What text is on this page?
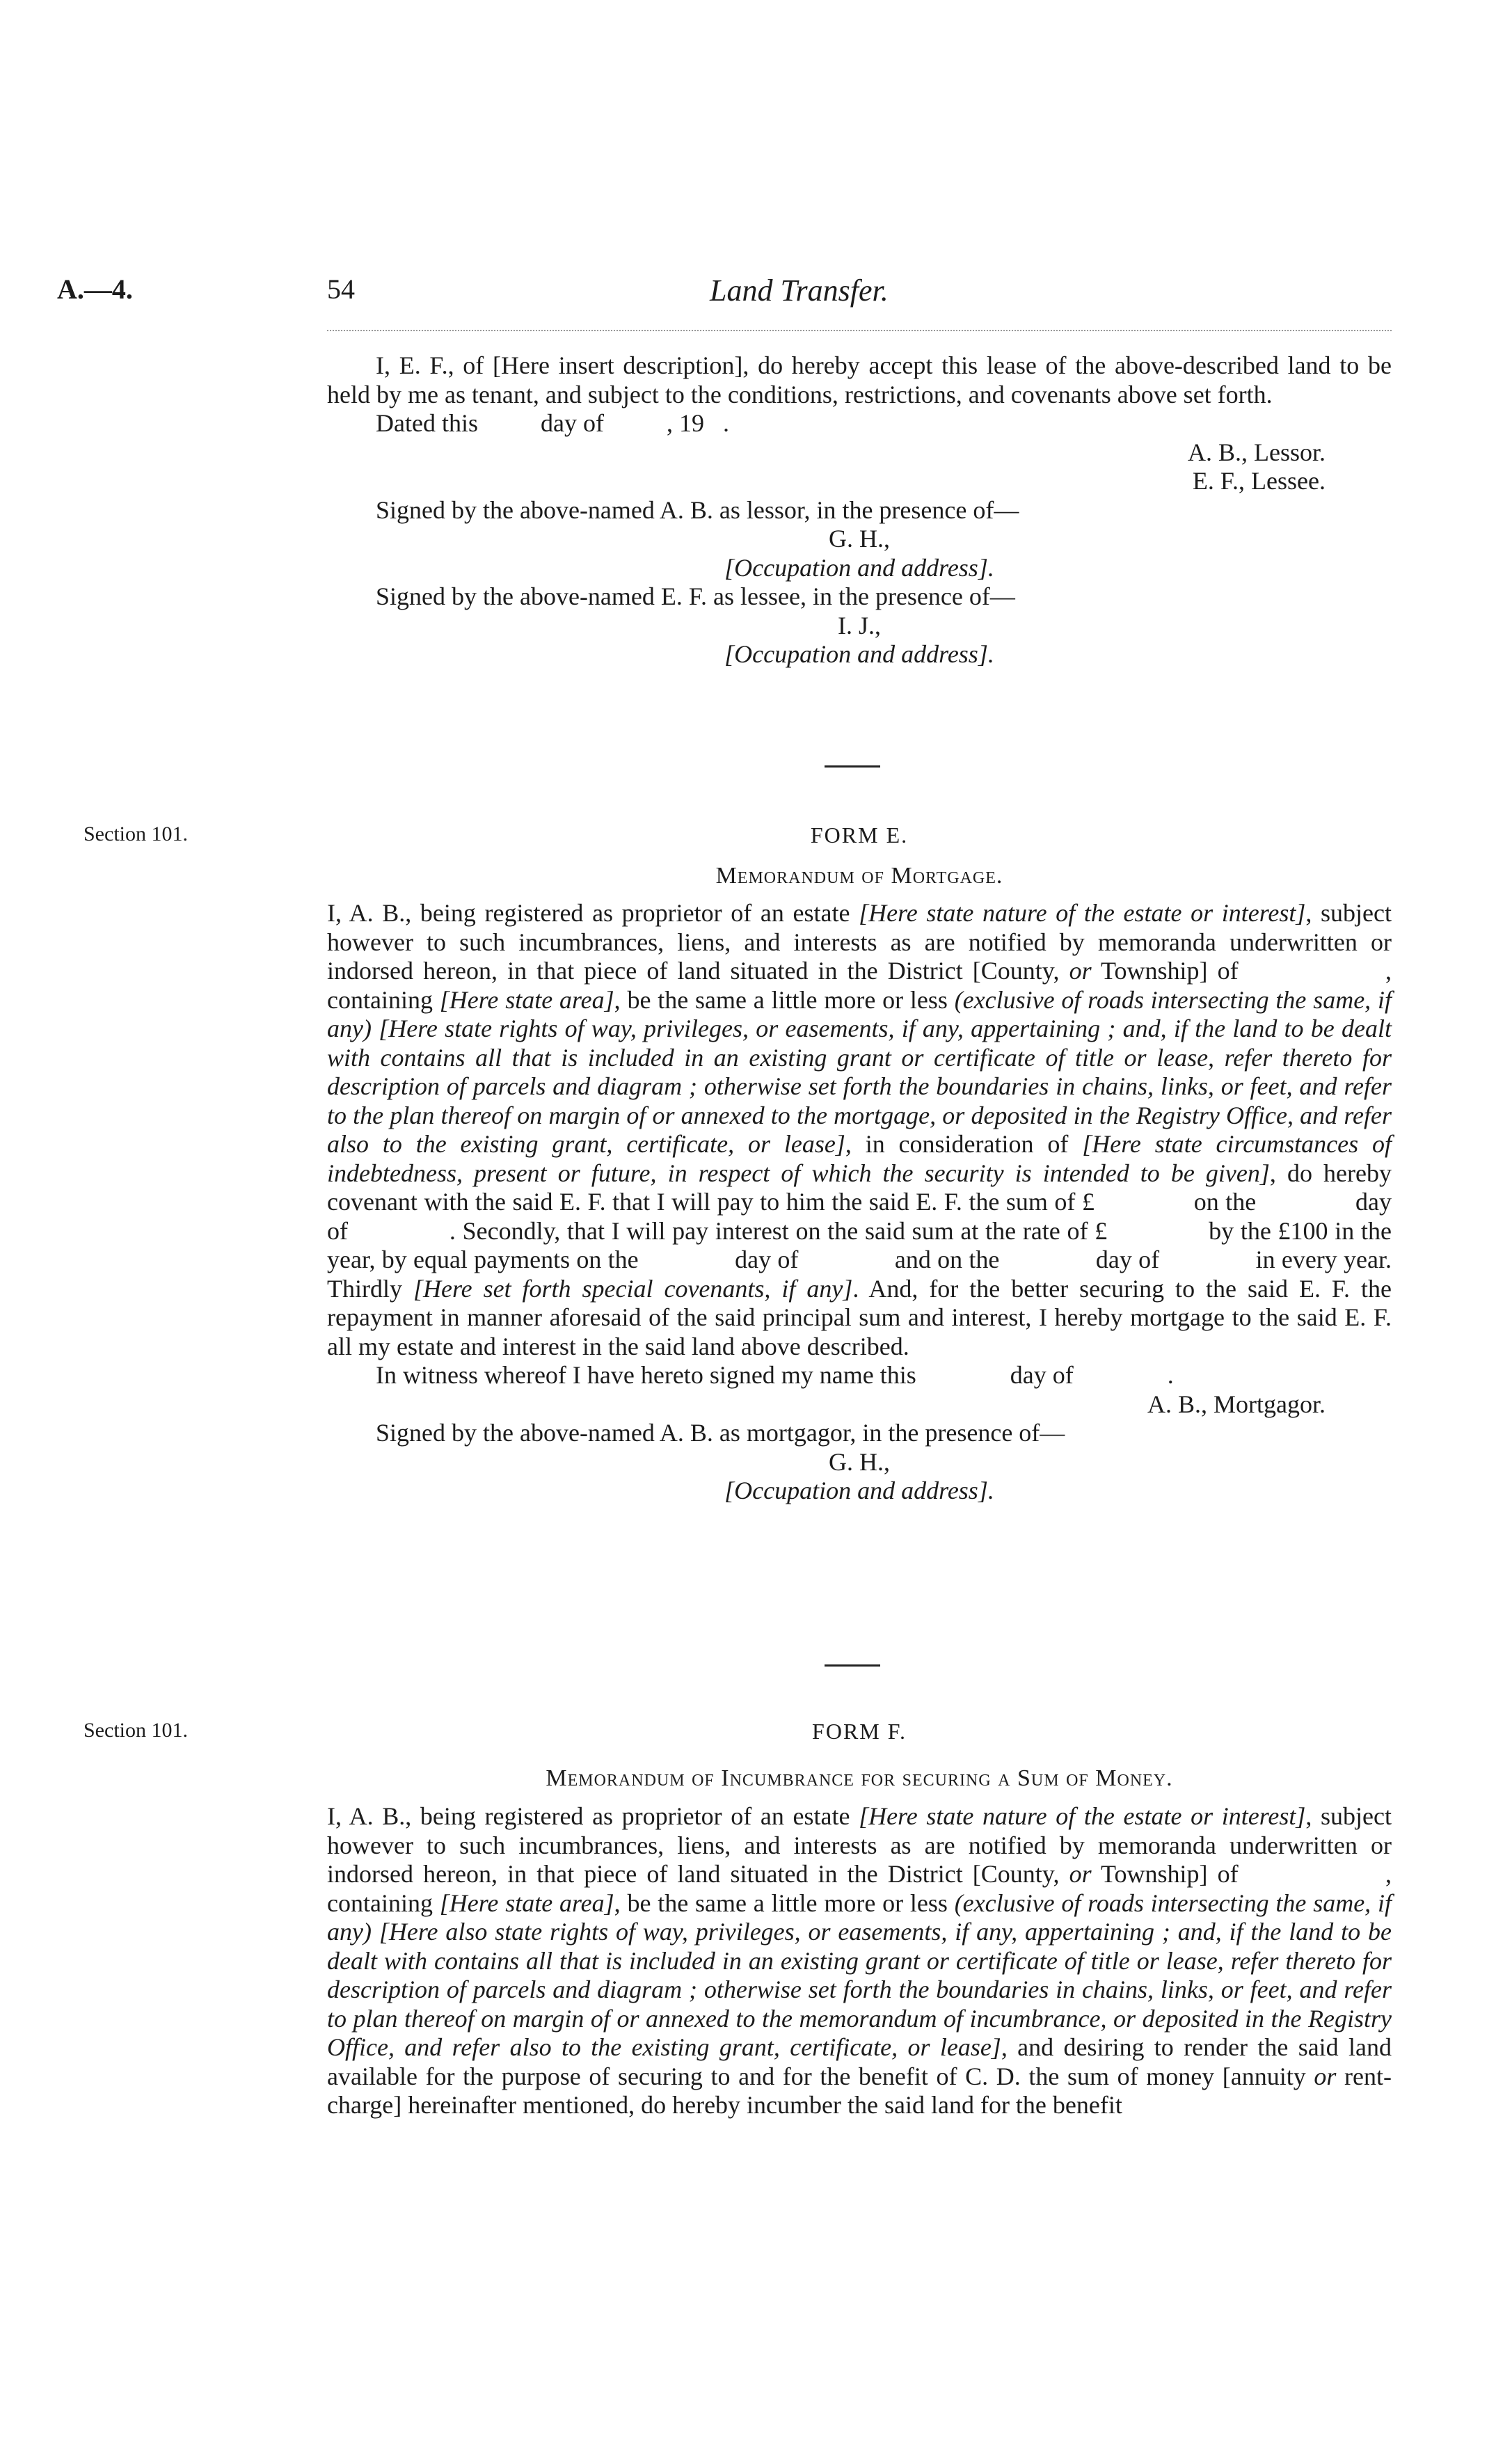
A.—4.	54	Land Transfer.

I, E. F., of [Here insert description], do hereby accept this lease of the above-described land to be held by me as tenant, and subject to the conditions, restrictions, and covenants above set forth.

Dated this          day of          , 19   .

A. B., Lessor.

E. F., Lessee.

Signed by the above-named A. B. as lessor, in the presence of—

G. H.,

[Occupation and address].

Signed by the above-named E. F. as lessee, in the presence of—

I. J.,

[Occupation and address].

Section 101.	FORM E.
Memorandum of Mortgage.

I, A. B., being registered as proprietor of an estate [Here state nature of the estate or interest], subject however to such incumbrances, liens, and interests as are notified by memoranda underwritten or indorsed hereon, in that piece of land situated in the District [County, or Township] of               , containing [Here state area], be the same a little more or less (exclusive of roads intersecting the same, if any) [Here state rights of way, privileges, or easements, if any, appertaining ; and, if the land to be dealt with contains all that is included in an existing grant or certificate of title or lease, refer thereto for description of parcels and diagram ; otherwise set forth the boundaries in chains, links, or feet, and refer to the plan thereof on margin of or annexed to the mortgage, or deposited in the Registry Office, and refer also to the existing grant, certificate, or lease], in consideration of [Here state circumstances of indebtedness, present or future, in respect of which the security is intended to be given], do hereby covenant with the said E. F. that I will pay to him the said E. F. the sum of £               on the               day of               . Secondly, that I will pay interest on the said sum at the rate of £               by the £100 in the year, by equal payments on the               day of               and on the               day of               in every year. Thirdly [Here set forth special covenants, if any]. And, for the better securing to the said E. F. the repayment in manner aforesaid of the said principal sum and interest, I hereby mortgage to the said E. F. all my estate and interest in the said land above described.

In witness whereof I have hereto signed my name this               day of               .

A. B., Mortgagor.

Signed by the above-named A. B. as mortgagor, in the presence of—

G. H.,

[Occupation and address].

Section 101.	FORM F.
Memorandum of Incumbrance for securing a Sum of Money.

I, A. B., being registered as proprietor of an estate [Here state nature of the estate or interest], subject however to such incumbrances, liens, and interests as are notified by memoranda underwritten or indorsed hereon, in that piece of land situated in the District [County, or Township] of               , containing [Here state area], be the same a little more or less (exclusive of roads intersecting the same, if any) [Here also state rights of way, privileges, or easements, if any, appertaining ; and, if the land to be dealt with contains all that is included in an existing grant or certificate of title or lease, refer thereto for description of parcels and diagram ; otherwise set forth the boundaries in chains, links, or feet, and refer to plan thereof on margin of or annexed to the memorandum of incumbrance, or deposited in the Registry Office, and refer also to the existing grant, certificate, or lease], and desiring to render the said land available for the purpose of securing to and for the benefit of C. D. the sum of money [annuity or rent-charge] hereinafter mentioned, do hereby incumber the said land for the benefit
